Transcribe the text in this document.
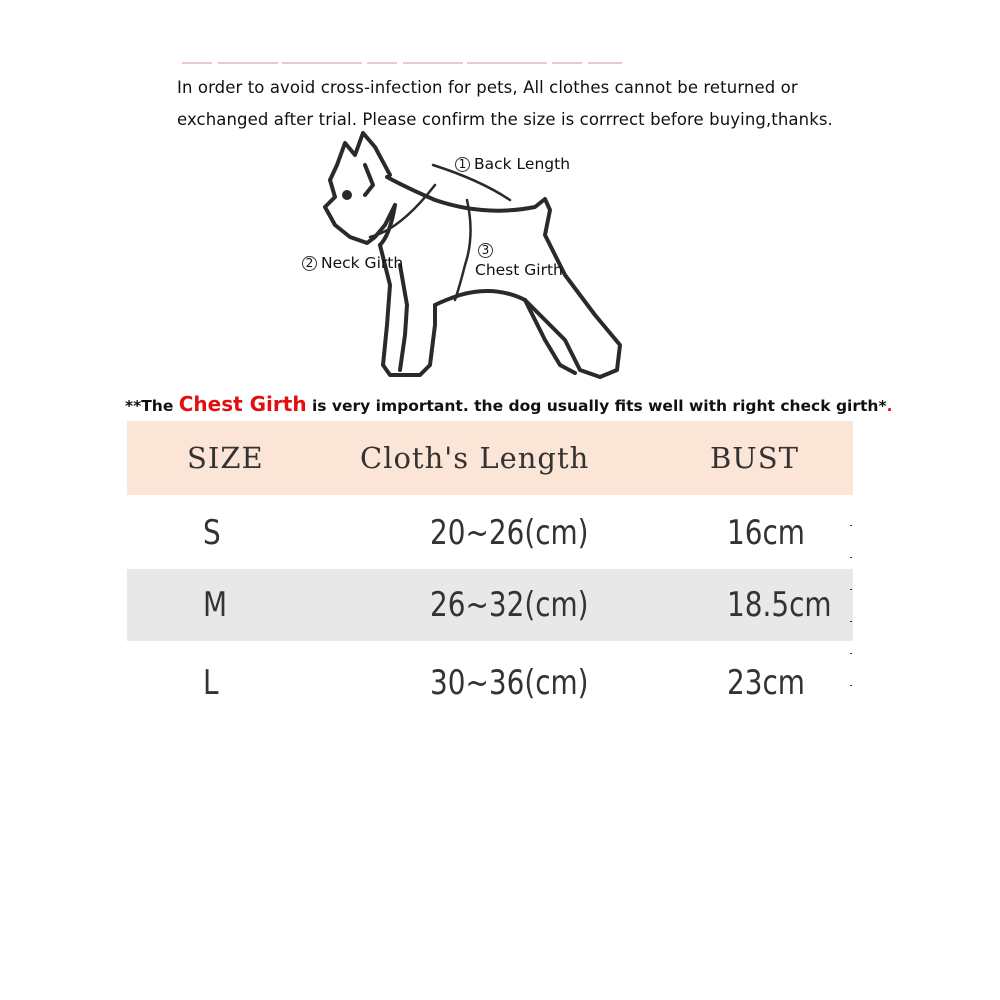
In order to avoid cross-infection for pets, All clothes cannot be returned or

exchanged after trial. Please confirm the size is corrrect before buying,thanks.

1 Back Length
2 Neck Girth
3
Chest Girth
**The Chest Girth is very important. the dog usually fits well with right check girth*.
SIZE	Cloth's Length	BUST
S	20~26(cm)	16cm
M	26~32(cm)	18.5cm
L	30~36(cm)	23cm
